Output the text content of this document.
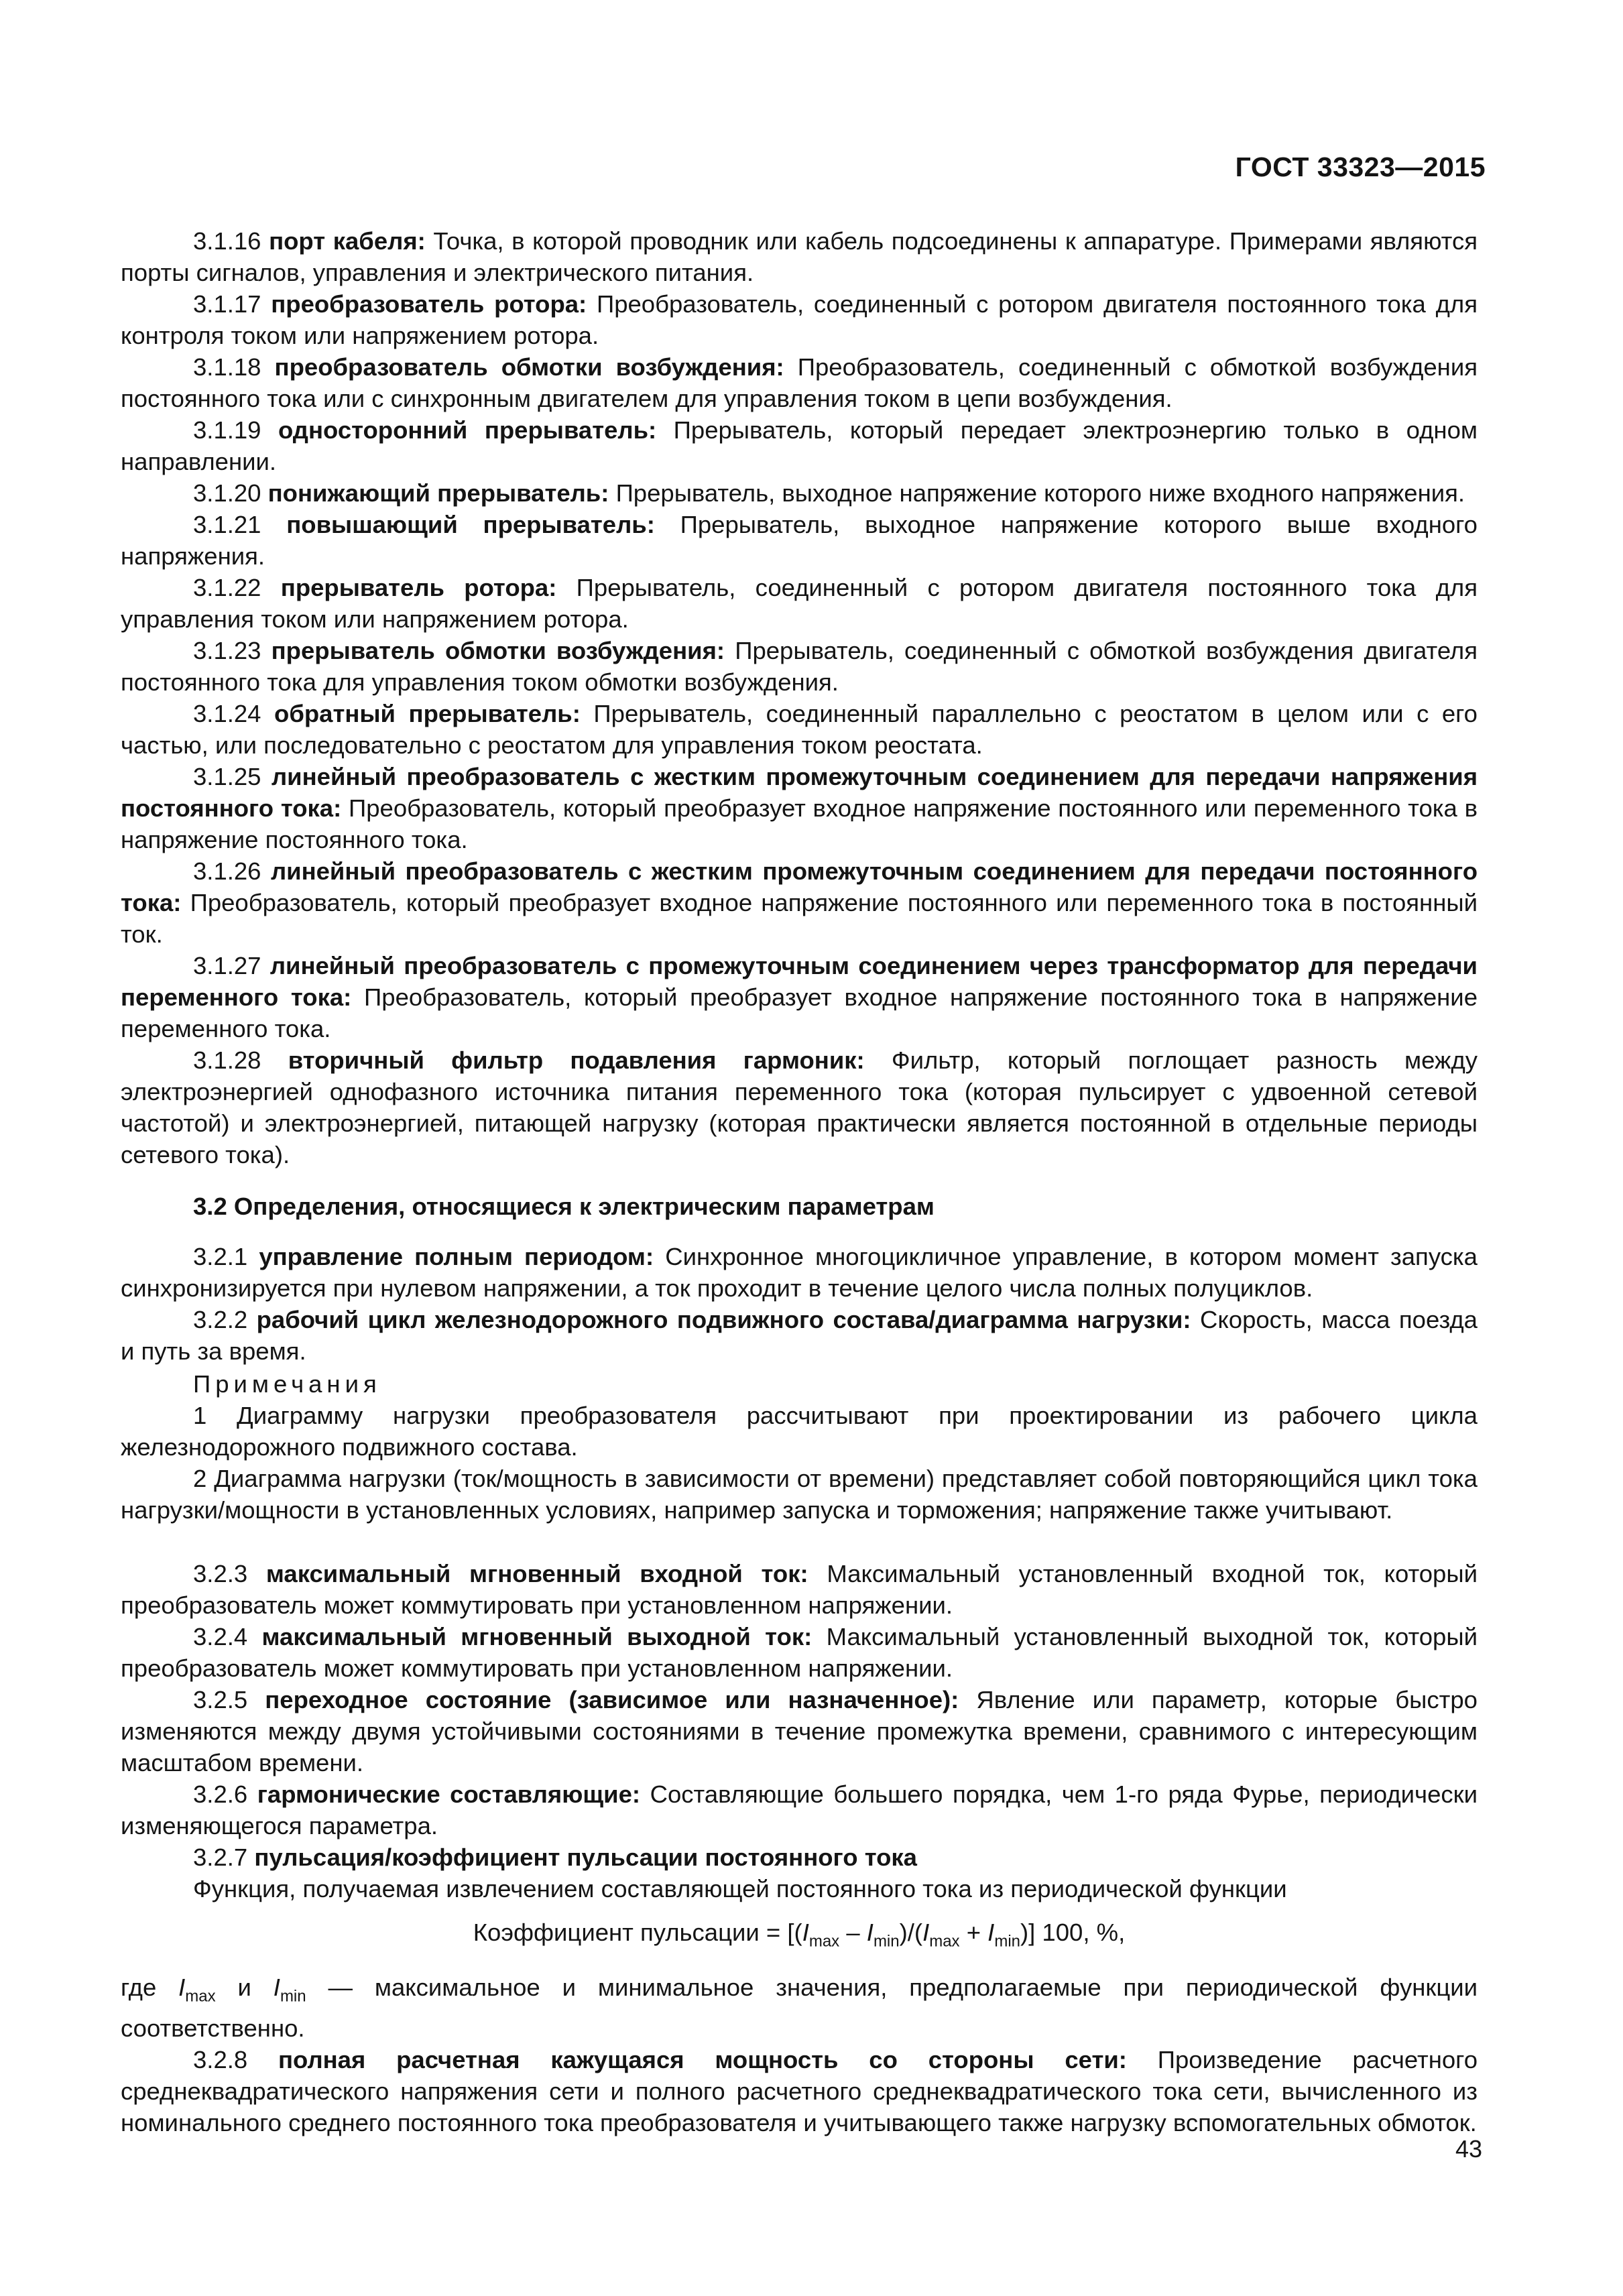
ГОСТ 33323—2015

3.1.16 порт кабеля: Точка, в которой проводник или кабель подсоединены к аппаратуре. Примерами являются порты сигналов, управления и электрического питания.

3.1.17 преобразователь ротора: Преобразователь, соединенный с ротором двигателя постоянного тока для контроля током или напряжением ротора.

3.1.18 преобразователь обмотки возбуждения: Преобразователь, соединенный с обмоткой возбуждения постоянного тока или с синхронным двигателем для управления током в цепи возбуждения.

3.1.19 односторонний прерыватель: Прерыватель, который передает электроэнергию только в одном направлении.

3.1.20 понижающий прерыватель: Прерыватель, выходное напряжение которого ниже входного напряжения.

3.1.21 повышающий прерыватель: Прерыватель, выходное напряжение которого выше входного напряжения.

3.1.22 прерыватель ротора: Прерыватель, соединенный с ротором двигателя постоянного тока для управления током или напряжением ротора.

3.1.23 прерыватель обмотки возбуждения: Прерыватель, соединенный с обмоткой возбуждения двигателя постоянного тока для управления током обмотки возбуждения.

3.1.24 обратный прерыватель: Прерыватель, соединенный параллельно с реостатом в целом или с его частью, или последовательно с реостатом для управления током реостата.

3.1.25 линейный преобразователь с жестким промежуточным соединением для передачи напряжения постоянного тока: Преобразователь, который преобразует входное напряжение постоянного или переменного тока в напряжение постоянного тока.

3.1.26 линейный преобразователь с жестким промежуточным соединением для передачи постоянного тока: Преобразователь, который преобразует входное напряжение постоянного или переменного тока в постоянный ток.

3.1.27 линейный преобразователь с промежуточным соединением через трансформатор для передачи переменного тока: Преобразователь, который преобразует входное напряжение постоянного тока в напряжение переменного тока.

3.1.28 вторичный фильтр подавления гармоник: Фильтр, который поглощает разность между электроэнергией однофазного источника питания переменного тока (которая пульсирует с удвоенной сетевой частотой) и электроэнергией, питающей нагрузку (которая практически является постоянной в отдельные периоды сетевого тока).

3.2 Определения, относящиеся к электрическим параметрам

3.2.1 управление полным периодом: Синхронное многоцикличное управление, в котором момент запуска синхронизируется при нулевом напряжении, а ток проходит в течение целого числа полных полуциклов.

3.2.2 рабочий цикл железнодорожного подвижного состава/диаграмма нагрузки: Скорость, масса поезда и путь за время.

Примечания

1 Диаграмму нагрузки преобразователя рассчитывают при проектировании из рабочего цикла железнодорожного подвижного состава.

2 Диаграмма нагрузки (ток/мощность в зависимости от времени) представляет собой повторяющийся цикл тока нагрузки/мощности в установленных условиях, например запуска и торможения; напряжение также учитывают.

3.2.3 максимальный мгновенный входной ток: Максимальный установленный входной ток, который преобразователь может коммутировать при установленном напряжении.

3.2.4 максимальный мгновенный выходной ток: Максимальный установленный выходной ток, который преобразователь может коммутировать при установленном напряжении.

3.2.5 переходное состояние (зависимое или назначенное): Явление или параметр, которые быстро изменяются между двумя устойчивыми состояниями в течение промежутка времени, сравнимого с интересующим масштабом времени.

3.2.6 гармонические составляющие: Составляющие большего порядка, чем 1-го ряда Фурье, периодически изменяющегося параметра.

3.2.7 пульсация/коэффициент пульсации постоянного тока

Функция, получаемая извлечением составляющей постоянного тока из периодической функции

Коэффициент пульсации = $[(I_{max} - I_{min})/(I_{max} + I_{min})]$ 100, %,

где $I_{max}$ и $I_{min}$ — максимальное и минимальное значения, предполагаемые при периодической функции соответственно.

3.2.8 полная расчетная кажущаяся мощность со стороны сети: Произведение расчетного среднеквадратического напряжения сети и полного расчетного среднеквадратического тока сети, вычисленного из номинального среднего постоянного тока преобразователя и учитывающего также нагрузку вспомогательных обмоток.

43
